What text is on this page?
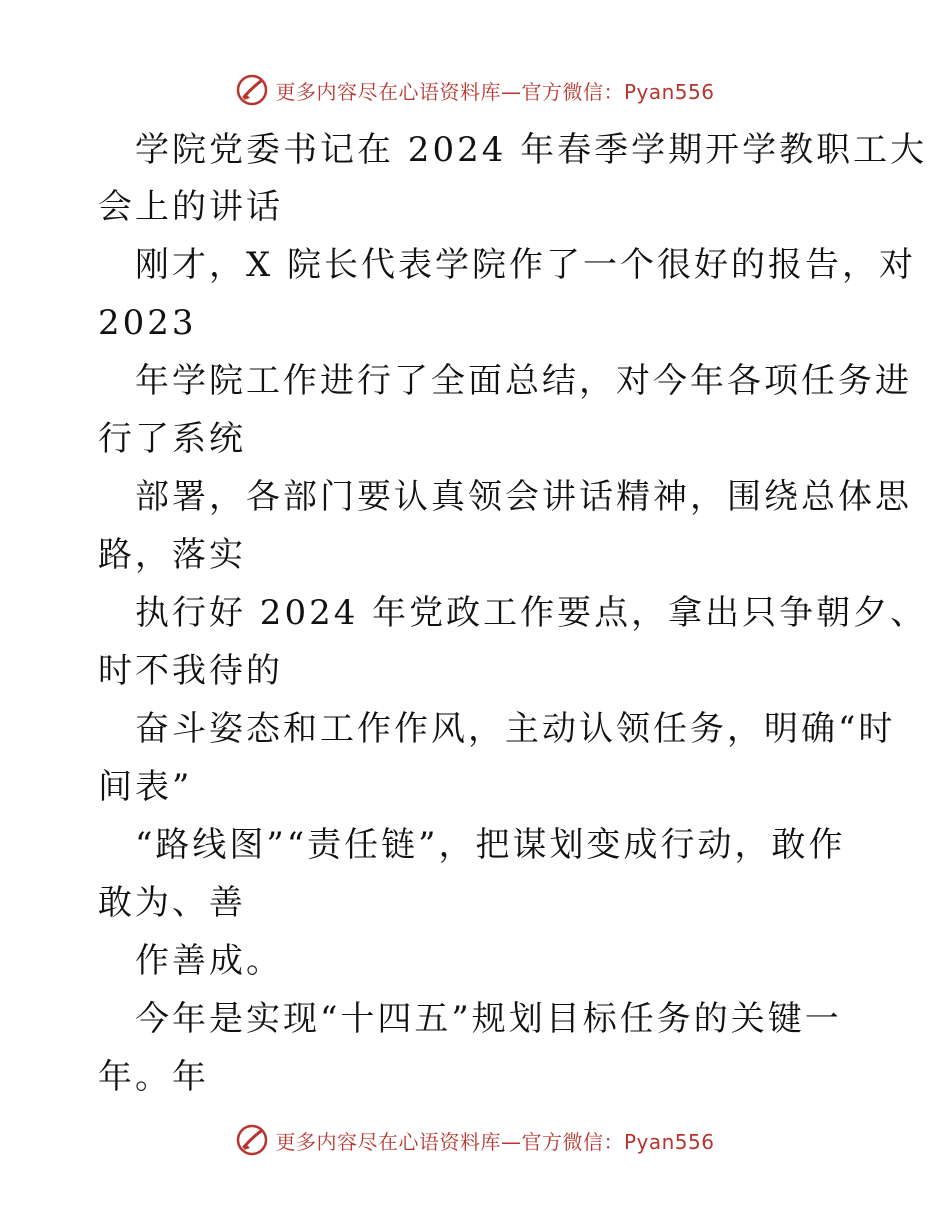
更多内容尽在心语资料库—官方微信：Pyan556
学院党委书记在 2024 年春季学期开学教职工大
会上的讲话
刚才，X 院长代表学院作了一个很好的报告，对
2023
年学院工作进行了全面总结，对今年各项任务进
行了系统
部署，各部门要认真领会讲话精神，围绕总体思
路，落实
执行好 2024 年党政工作要点，拿出只争朝夕、
时不我待的
奋斗姿态和工作作风，主动认领任务，明确“时
间表”
“路线图”“责任链”，把谋划变成行动，敢作
敢为、善
作善成。
今年是实现“十四五”规划目标任务的关键一
年。年
更多内容尽在心语资料库—官方微信：Pyan556
